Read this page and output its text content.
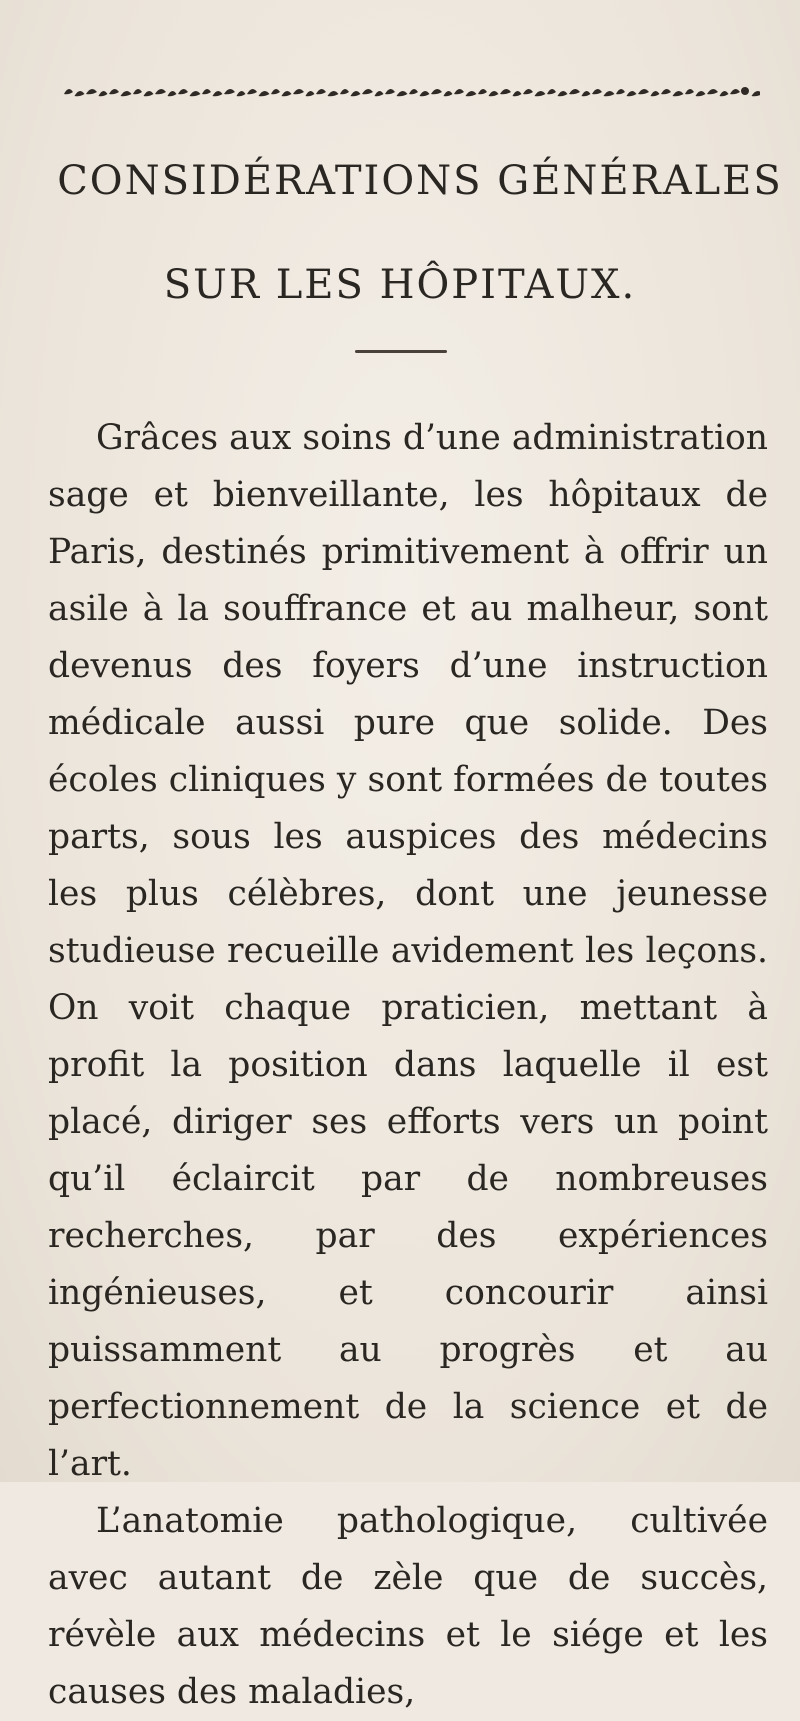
CONSIDÉRATIONS GÉNÉRALES
SUR LES HÔPITAUX.

Grâces aux soins d’une administration sage et bienveillante, les hôpitaux de Paris, destinés primitivement à offrir un asile à la souffrance et au malheur, sont devenus des foyers d’une instruction médicale aussi pure que solide. Des écoles cliniques y sont formées de toutes parts, sous les auspices des médecins les plus célèbres, dont une jeunesse studieuse recueille avidement les leçons. On voit chaque praticien, mettant à profit la position dans laquelle il est placé, diriger ses efforts vers un point qu’il éclaircit par de nombreuses recherches, par des expériences ingénieuses, et concourir ainsi puissamment au progrès et au perfectionnement de la science et de l’art.

L’anatomie pathologique, cultivée avec autant de zèle que de succès, révèle aux médecins et le siége et les causes des maladies,
